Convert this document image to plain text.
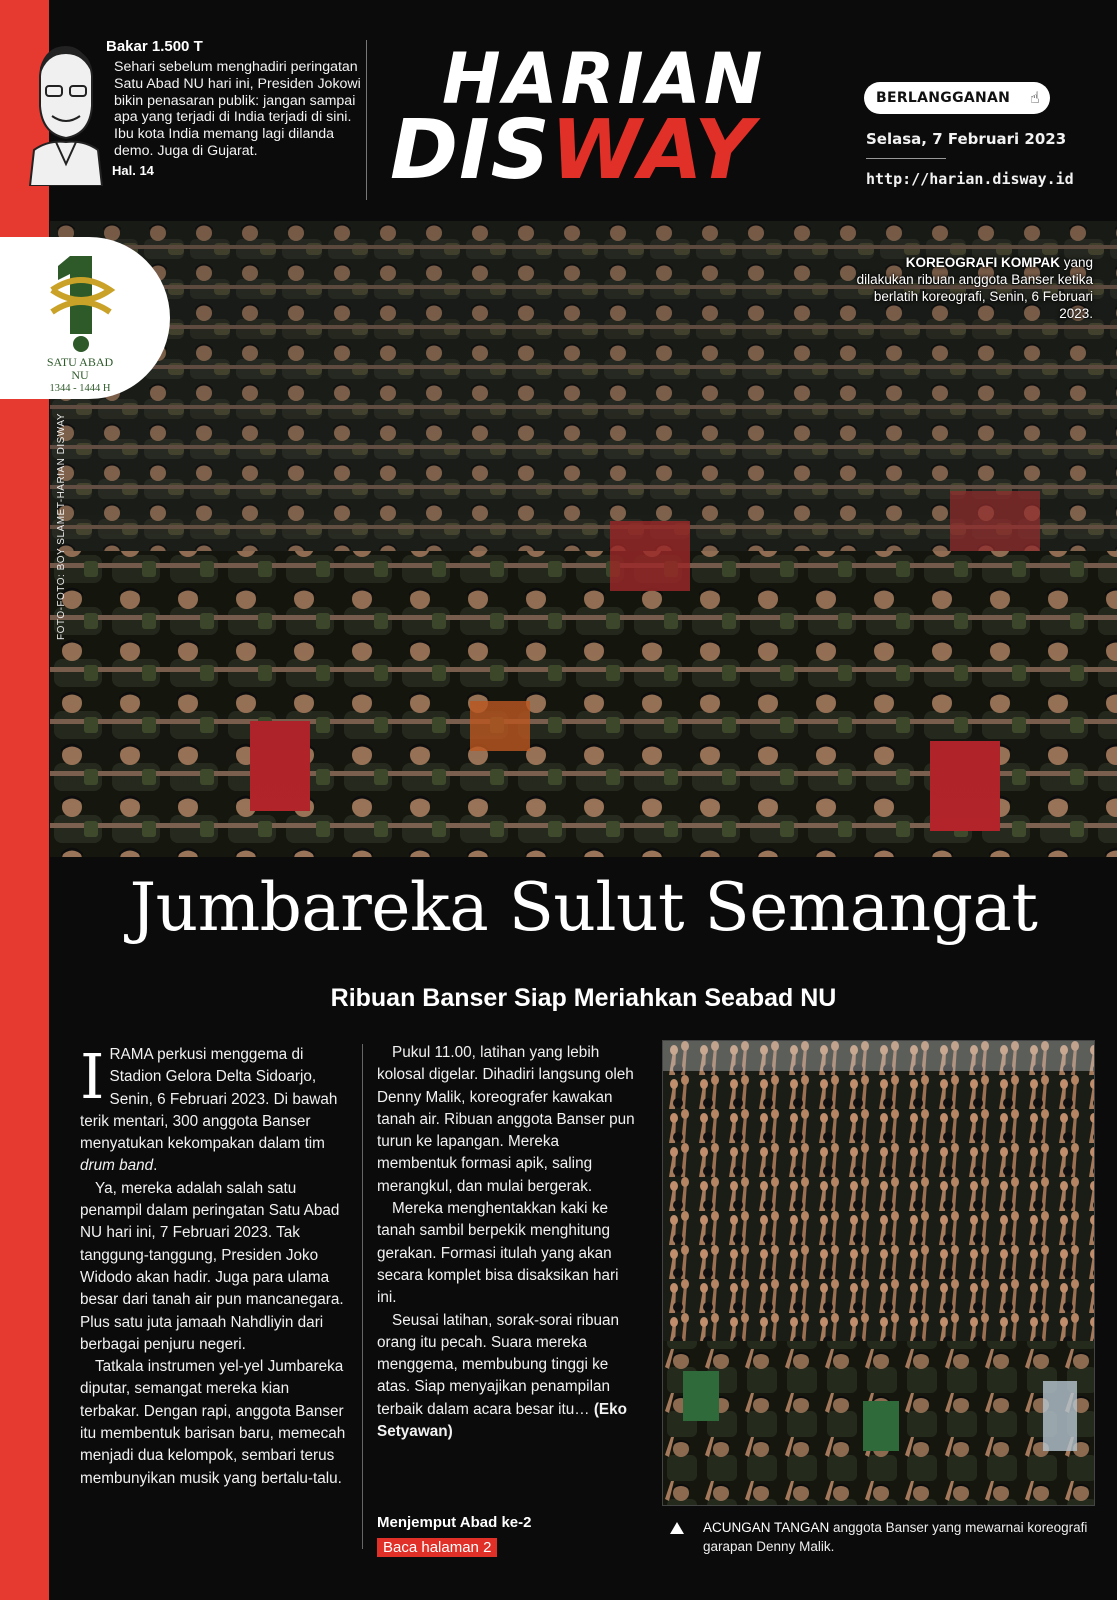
Bakar 1.500 T
Sehari sebelum menghadiri peringatan Satu Abad NU hari ini, Presiden Jokowi bikin penasaran publik: jangan sampai apa yang terjadi di India terjadi di sini. Ibu kota India memang lagi dilanda demo. Juga di Gujarat.
Hal. 14
HARIAN
DISWAY
BERLANGGANAN ☝
Selasa, 7 Februari 2023
http://harian.disway.id
FOTO-FOTO: BOY SLAMET-HARIAN DISWAY
KOREOGRAFI KOMPAK yang dilakukan ribuan anggota Banser ketika berlatih koreografi, Senin, 6 Februari 2023.
SATU ABAD NU
1344 - 1444 H
Jumbareka Sulut Semangat
Ribuan Banser Siap Meriahkan Seabad NU

IRAMA perkusi menggema di Stadion Gelora Delta Sidoarjo, Senin, 6 Februari 2023. Di bawah terik mentari, 300 anggota Banser menyatukan kekompakan dalam tim drum band.

Ya, mereka adalah salah satu penampil dalam peringatan Satu Abad NU hari ini, 7 Februari 2023. Tak tanggung-tanggung, Presiden Joko Widodo akan hadir. Juga para ulama besar dari tanah air pun mancanegara. Plus satu juta jamaah Nahdliyin dari berbagai penjuru negeri.

Tatkala instrumen yel-yel Jumbareka diputar, semangat mereka kian terbakar. Dengan rapi, anggota Banser itu membentuk barisan baru, memecah menjadi dua kelompok, sembari terus membunyikan musik yang bertalu-talu.

Pukul 11.00, latihan yang lebih kolosal digelar. Dihadiri langsung oleh Denny Malik, koreografer kawakan tanah air. Ribuan anggota Banser pun turun ke lapangan. Mereka membentuk formasi apik, saling merangkul, dan mulai bergerak.

Mereka menghentakkan kaki ke tanah sambil berpekik menghitung gerakan. Formasi itulah yang akan secara komplet bisa disaksikan hari ini.

Seusai latihan, sorak-sorai ribuan orang itu pecah. Suara mereka menggema, membubung tinggi ke atas. Siap menyajikan penampilan terbaik dalam acara besar itu… (Eko Setyawan)

Menjemput Abad ke-2
Baca halaman 2
ACUNGAN TANGAN anggota Banser yang mewarnai koreografi garapan Denny Malik.
